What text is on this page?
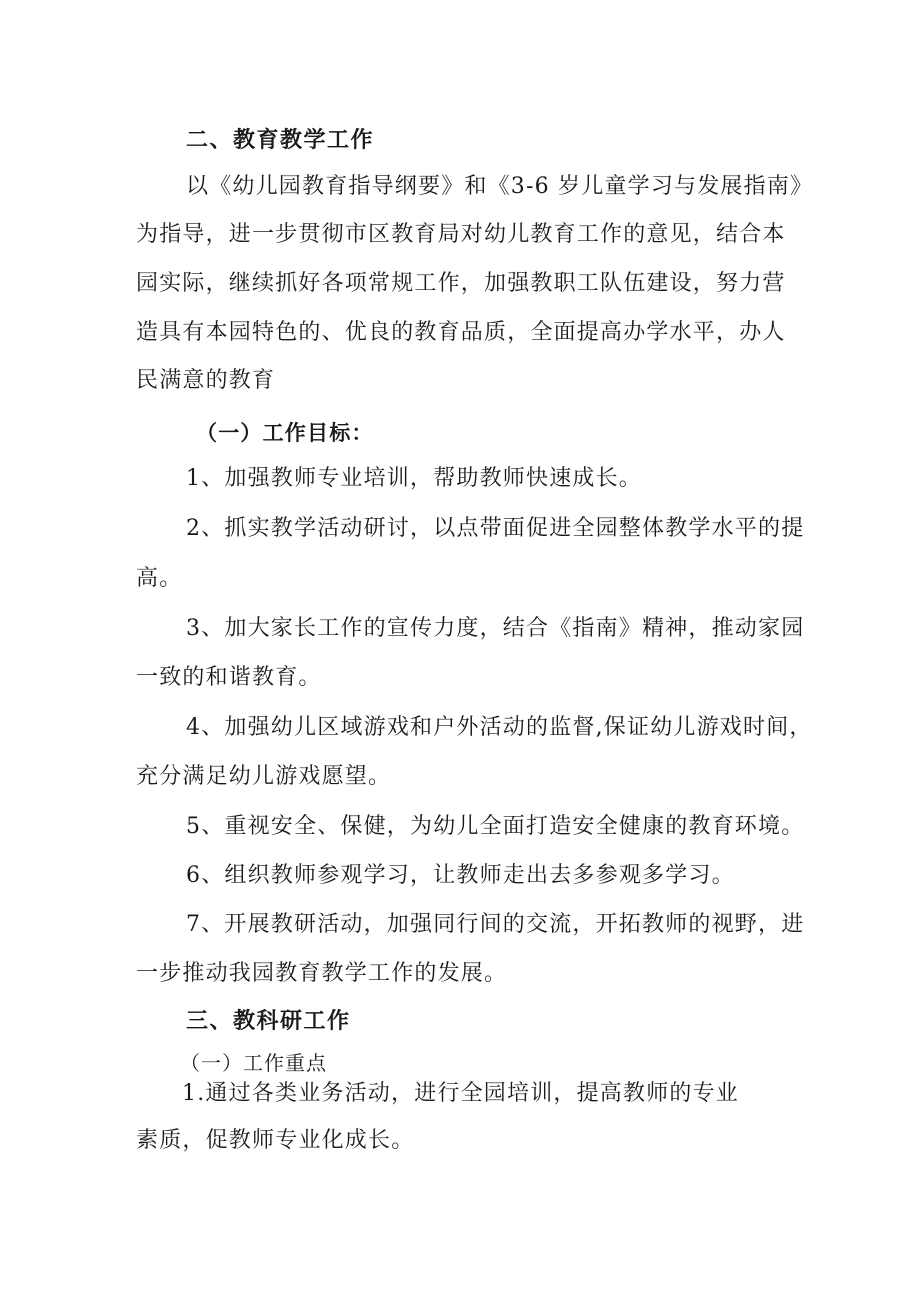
二、教育教学工作
以《幼儿园教育指导纲要》和《3-6 岁儿童学习与发展指南》
为指导，进一步贯彻市区教育局对幼儿教育工作的意见，结合本
园实际，继续抓好各项常规工作，加强教职工队伍建设，努力营
造具有本园特色的、优良的教育品质，全面提高办学水平，办人
民满意的教育
（一）工作目标：
1、加强教师专业培训，帮助教师快速成长。
2、抓实教学活动研讨，以点带面促进全园整体教学水平的提
高。
3、加大家长工作的宣传力度，结合《指南》精神，推动家园
一致的和谐教育。
4、加强幼儿区域游戏和户外活动的监督,保证幼儿游戏时间，
充分满足幼儿游戏愿望。
5、重视安全、保健，为幼儿全面打造安全健康的教育环境。
6、组织教师参观学习，让教师走出去多参观多学习。
7、开展教研活动，加强同行间的交流，开拓教师的视野，进
一步推动我园教育教学工作的发展。
三、教科研工作
（一）工作重点
1.通过各类业务活动，进行全园培训，提高教师的专业
素质，促教师专业化成长。
